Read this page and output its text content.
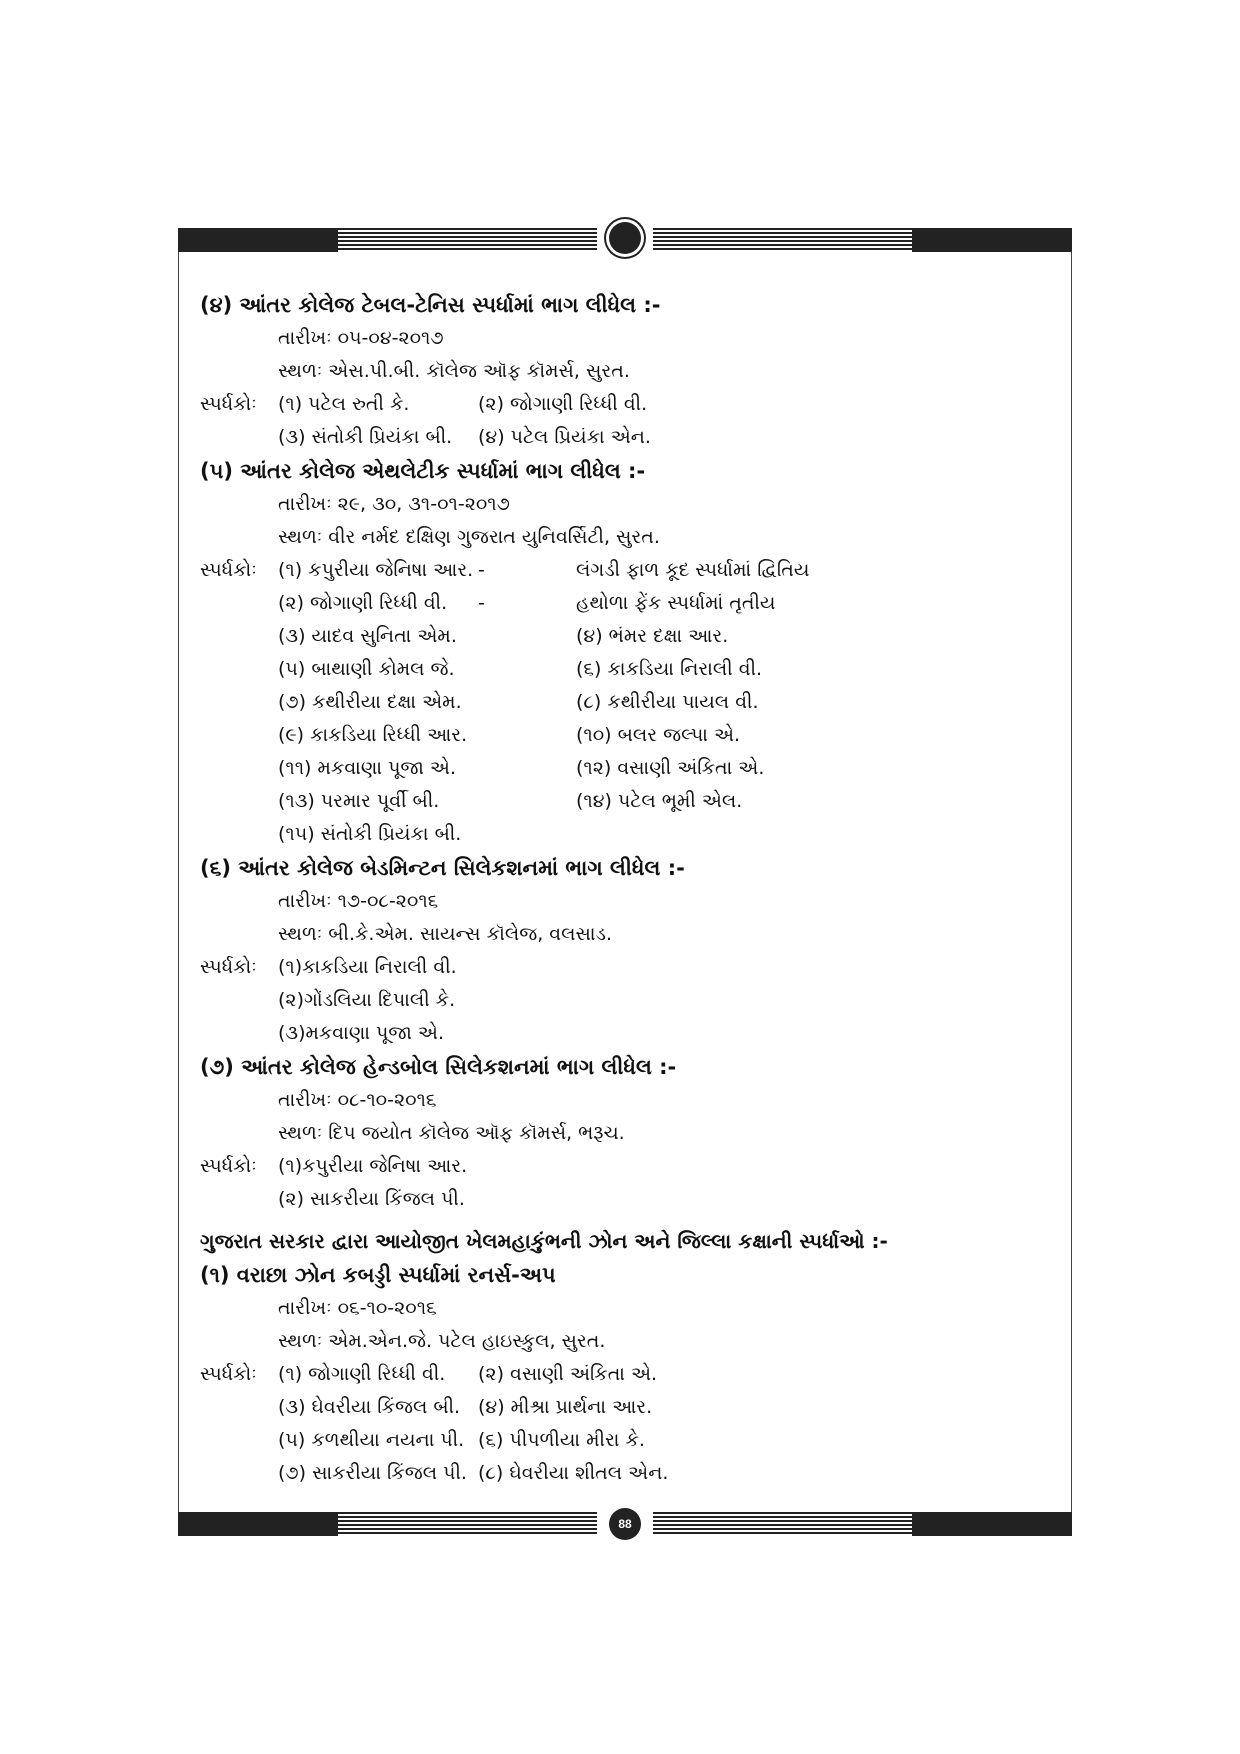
(૪) આંતર કોલેજ ટેબલ-ટેનિસ સ્પર્ધામાં ભાગ લીધેલ :-
તારીખઃ ૦૫-૦૪-૨૦૧૭
સ્થળઃ એસ.પી.બી. કૉલેજ ઑફ કૉમર્સ, સુરત.
સ્પર્ધકોઃ	(૧) પટેલ રુતી કે.	(૨) જોગાણી રિધ્ધી વી.
(૩) સંતોકી પ્રિયંકા બી.	(૪) પટેલ પ્રિયંકા એન.
(૫) આંતર કોલેજ એથલેટીક સ્પર્ધામાં ભાગ લીધેલ :-
તારીખઃ ૨૯, ૩૦, ૩૧-૦૧-૨૦૧૭
સ્થળઃ વીર નર્મદ દક્ષિણ ગુજરાત યુનિવર્સિટી, સુરત.
સ્પર્ધકોઃ	(૧) કપુરીયા જેનિષા આર. -	લંગડી ફાળ કૂદ સ્પર્ધામાં દ્વિતિય
(૨) જોગાણી રિધ્ધી વી.	-	હથોળા ફેંક સ્પર્ધામાં તૃતીય
(૩) યાદવ સુનિતા એમ.	(૪) ભંમર દક્ષા આર.
(૫) બાથાણી કોમલ જે.	(૬) કાકડિયા નિરાલી વી.
(૭) કથીરીયા દક્ષા એમ.	(૮) કથીરીયા પાયલ વી.
(૯) કાકડિયા રિધ્ધી આર.	(૧૦) બલર જલ્પા એ.
(૧૧) મકવાણા પૂજા એ.	(૧૨) વસાણી અંકિતા એ.
(૧૩) પરમાર પૂર્વી બી.	(૧૪) પટેલ ભૂમી એલ.
(૧૫) સંતોકી પ્રિયંકા બી.
(૬) આંતર કોલેજ બેડમિન્ટન સિલેકશનમાં ભાગ લીધેલ :-
તારીખઃ ૧૭-૦૮-૨૦૧૬
સ્થળઃ બી.કે.એમ. સાયન્સ કૉલેજ, વલસાડ.
સ્પર્ધકોઃ	(૧)કાકડિયા નિરાલી વી.
(૨)ગોંડલિયા દિપાલી કે.
(૩)મકવાણા પૂજા એ.
(૭) આંતર કોલેજ હેન્ડબોલ સિલેકશનમાં ભાગ લીધેલ :-
તારીખઃ ૦૮-૧૦-૨૦૧૬
સ્થળઃ દિપ જયોત કૉલેજ ઑફ કૉમર્સ, ભરૂચ.
સ્પર્ધકોઃ	(૧)કપુરીયા જેનિષા આર.
(૨) સાકરીયા કિંજલ પી.
ગુજરાત સરકાર દ્વારા આયોજીત ખેલમહાકુંભની ઝોન અને જિલ્લા કક્ષાની સ્પર્ધાઓ :-
(૧) વરાછા ઝોન કબડ્ડી સ્પર્ધામાં રનર્સ-અપ
તારીખઃ ૦૬-૧૦-૨૦૧૬
સ્થળઃ એમ.એન.જે. પટેલ હાઇસ્કુલ, સુરત.
સ્પર્ધકોઃ	(૧) જોગાણી રિધ્ધી વી.	(૨) વસાણી અંકિતા એ.
(૩) ઘેવરીયા કિંજલ બી. (૪) મીશ્રા પ્રાર્થના આર.
(૫) કળથીયા નયના પી. (૬) પીપળીયા મીરા કે.
(૭) સાકરીયા કિંજલ પી. (૮) ઘેવરીયા શીતલ એન.
88
